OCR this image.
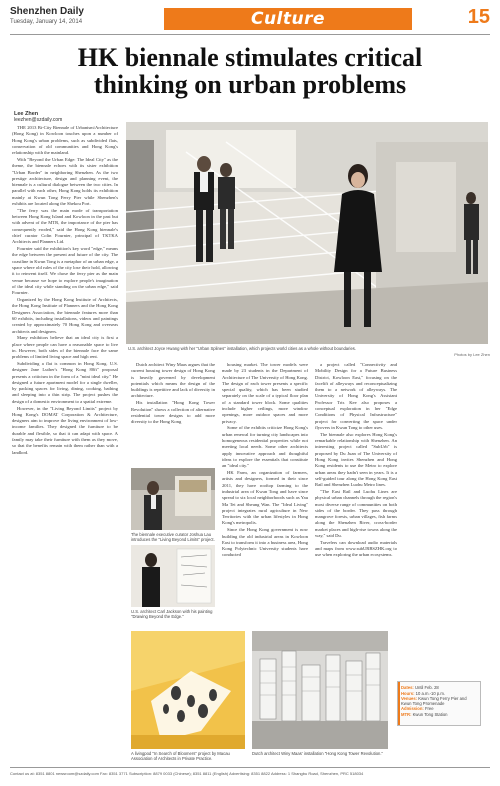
Shenzhen Daily
Tuesday, January 14, 2014	Culture	15
HK biennale stimulates critical
thinking on urban problems
Lee Zhen
leezhen@szdaily.com

THE 2013 Bi-City Biennale of Urbanism\Architecture (Hong Kong) in Kowloon touches upon a number of Hong Kong's urban problems, such as subdivided flats, conservation of old communities and Hong Kong's relationship with the mainland.

With "Beyond the Urban Edge: The Ideal City" as the theme, the biennale echoes with its sister exhibition "Urban Border" in neighboring Shenzhen. As the two prestige architecture, design and planning event, the biennale is a cultural dialogue between the two cities. In parallel with each other, Hong Kong holds its exhibition mainly at Kwun Tong Ferry Pier while Shenzhen's exhibits are located along the Shekou Port.

"The ferry was the main mode of transportation between Hong Kong Island and Kowloon in the past but with advent of the MTR, the importance of the pier has consequently eroded," said the Hong Kong biennale's chief curator Colin Fournier, principal of TKTKA Architects and Planners Ltd.

Fournier said the exhibition's key word "edge," means the edge between the present and future of the city. The coastline in Kwun Tong is a metaphor of an urban edge, a space where old rules of the city lose their hold, allowing it to reinvent itself. We chose the ferry pier as the main venue because we hope to explore people's imagination of the ideal city while standing on the urban edge," said Fournier.

Organized by the Hong Kong Institute of Architects, the Hong Kong Institute of Planners and the Hong Kong Designers Association, the biennale features more than 60 exhibits, including installations, videos and paintings created by approximately 70 Hong Kong and overseas architects and designers.

Many exhibitors believe that an ideal city is first a place where people can have a reasonable space to live in. However, both sides of the biennale face the same problems of limited living space and high rent.

Subdividing a flat is common in Hong Kong. U.S. designer Jane Luther's "Hong Kong 80ft" proposal presents a criticism in the form of a "mini ideal city." He designed a future apartment model for a single dweller, by packing spaces for living, dining, cooking, bathing and sleeping into a thin strip. The project pushes the design of a domestic environment to a spatial extreme.

However, in the "Living Beyond Limits" project by Hong Kong's DOMAT Corporation & Architecture, designers aim to improve the living environment of low-income families. They designed the furniture to be durable and flexible, so that it can adapt with space. A family may take their furniture with them as they move, so that the benefits remain with them rather than with a landlord.

U.S. architect Joyce Hwang with her "Urban Splines" installation, which projects world cities as a whole without boundaries.
Photos by Lee Zhen

Dutch architect Winy Maas argues that the current housing tower design of Hong Kong is heavily governed by development potentials which means the design of the buildings is repetitive and lack of diversity in architecture.

His installation "Hong Kong Tower Revolution" shows a collection of alternative residential tower designs to add more diversity to the Hong Kong

The biennale executive curator Joshua Lau introduces the "Living Beyond Limits" project.
U.S. architect Carl Jackson with his painting "Drawing Beyond the Edge."

housing market. The tower models were made by 23 students in the Department of Architecture of The University of Hong Kong. The design of each tower presents a specific special quality, which has been studied separately on the scale of a typical floor plan of a standard tower block. Some qualities include higher ceilings, more window openings, more outdoor spaces and more privacy.

Some of the exhibits criticize Hong Kong's urban renewal for turning city landscapes into homogeneous residential properties while not meeting local needs. Some other architects apply innovative approach and thoughtful ideas to explore the essentials that constitute an "ideal city."

HK Farm, an organization of farmers, artists and designers, formed in their since 2011, they have rooftop farming to the industrial area of Kwun Tong and have since spread to six local neighborhoods such as Yau Ma Tei and Sheung Wan. The "Ideal Living" project integrates rural agriculture in New Territories with the urban lifestyles in Hong Kong's metropolis.

Since the Hong Kong government is now building the old industrial areas in Kowloon East to transform it into a business area, Hong Kong Polytechnic University students have conducted

a project called "Connectivity and Mobility Design for a Future Business District, Kowloon East," focusing on the facelift of alleyways and reconceptualizing them to a network of alleyways. The University of Hong Kong's Assistant Professor Tris Kee also proposes a conceptual exploration in her "Edge Conditions of Physical Infrastructure" project for converting the space under flyovers in Kwun Tong to other uses.

The biennale also explores Hong Kong's remarkable relationship with Shenzhen. An interesting project called "SubUrb" is proposed by Du Juan of The University of Hong Kong invites Shenzhen and Hong Kong residents to use the Metro to explore urban areas they hadn't seen in years. It is a self-guided tour along the Hong Kong East Rail and Shenzhen Luohu Metro lines.

"The East Rail and Luohu Lines are physical urban channels through the region's most diverse range of communities on both sides of the border. They pass through mangrove forests, urban villages, fish farms along the Shenzhen River, cross-border market places and high-rise towns along the way," said Du.

Travelers can download audio materials and maps from www.subURBSZHK.org to use when exploring the urban ecosystems.

A livingpod "In Search of Bloomers" project by Macau Association of Architects in Private Practice.
Dutch architect Winy Maas' installation "Hong Kong Tower Revolution."
Dates: Until Feb. 28
Hours: 10 a.m.-10 p.m.
Venues: Kwun Tong Ferry Pier and Kwun Tong Promenade
Admission: Free
MTR: Kwun Tong Station
Contact us at: 8351 8801 newsroom@szdaily.com Fax: 8351 3771 Subscription: 8879 0033 (Chinese); 8351 8811 (English) Advertising: 8351 8822 Address: 1 Shangbu Road, Shenzhen, PRC 518034
